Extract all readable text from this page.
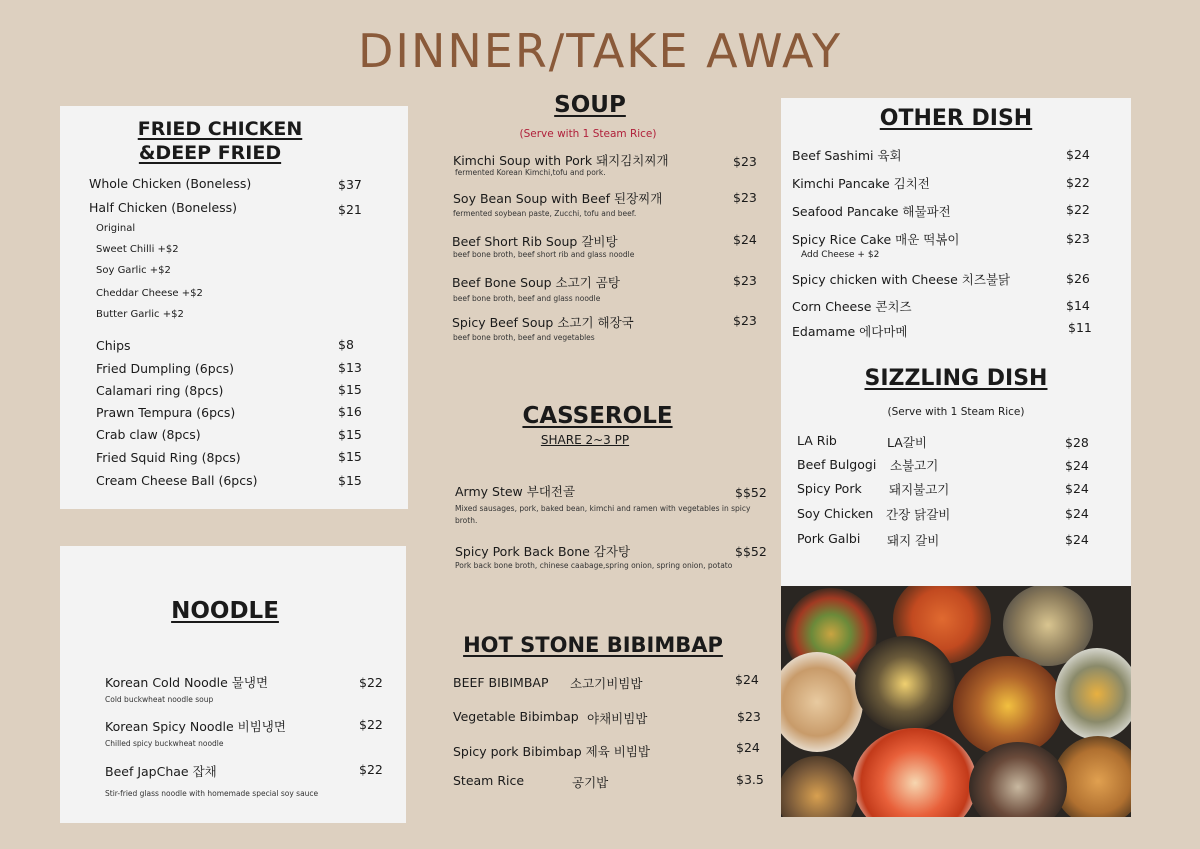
DINNER/TAKE AWAY
FRIED CHICKEN
&DEEP FRIED
Whole Chicken (Boneless)	$37
Half Chicken (Boneless)	$21
Original
Sweet Chilli +$2
Soy Garlic +$2
Cheddar Cheese +$2
Butter Garlic +$2
Chips	$8
Fried Dumpling (6pcs)	$13
Calamari ring (8pcs)	$15
Prawn Tempura (6pcs)	$16
Crab claw (8pcs)	$15
Fried Squid Ring (8pcs)	$15
Cream Cheese Ball (6pcs)	$15
NOODLE
Korean Cold Noodle 물냉면	$22
Cold buckwheat noodle soup
Korean Spicy Noodle 비빔냉면	$22
Chilled spicy buckwheat noodle
Beef JapChae 잡채	$22
Stir-fried glass noodle with homemade special soy sauce
SOUP
(Serve with 1 Steam Rice)
Kimchi Soup with Pork 돼지김치찌개	$23
fermented Korean Kimchi,tofu and pork.
Soy Bean Soup with Beef 된장찌개	$23
fermented soybean paste, Zucchi, tofu and beef.
Beef Short Rib Soup 갈비탕	$24
beef bone broth, beef short rib and glass noodle
Beef Bone Soup 소고기 곰탕	$23
beef bone broth, beef and glass noodle
Spicy Beef Soup 소고기 해장국	$23
beef bone broth, beef and vegetables
CASSEROLE
SHARE 2~3 PP
Army Stew 부대전골	$$52
Mixed sausages, pork, baked bean, kimchi and ramen with vegetables in spicy
broth.
Spicy Pork Back Bone 감자탕	$$52
Pork back bone broth, chinese caabage,spring onion, spring onion, potato
HOT STONE BIBIMBAP
BEEF BIBIMBAP 소고기비빔밥	$24
Vegetable Bibimbap 야채비빔밥	$23
Spicy pork Bibimbap 제육 비빔밥	$24
Steam Rice	공기밥	$3.5
OTHER DISH
Beef Sashimi 육회	$24
Kimchi Pancake 김치전	$22
Seafood Pancake 해물파전	$22
Spicy Rice Cake 매운 떡볶이	$23
Add Cheese + $2
Spicy chicken with Cheese 치즈불닭	$26
Corn Cheese 콘치즈	$14
Edamame 에다마메	$11
SIZZLING DISH
(Serve with 1 Steam Rice)
LA Rib	LA갈비	$28
Beef Bulgogi 소불고기	$24
Spicy Pork 돼지불고기	$24
Soy Chicken 간장 닭갈비	$24
Pork Galbi 돼지 갈비	$24
